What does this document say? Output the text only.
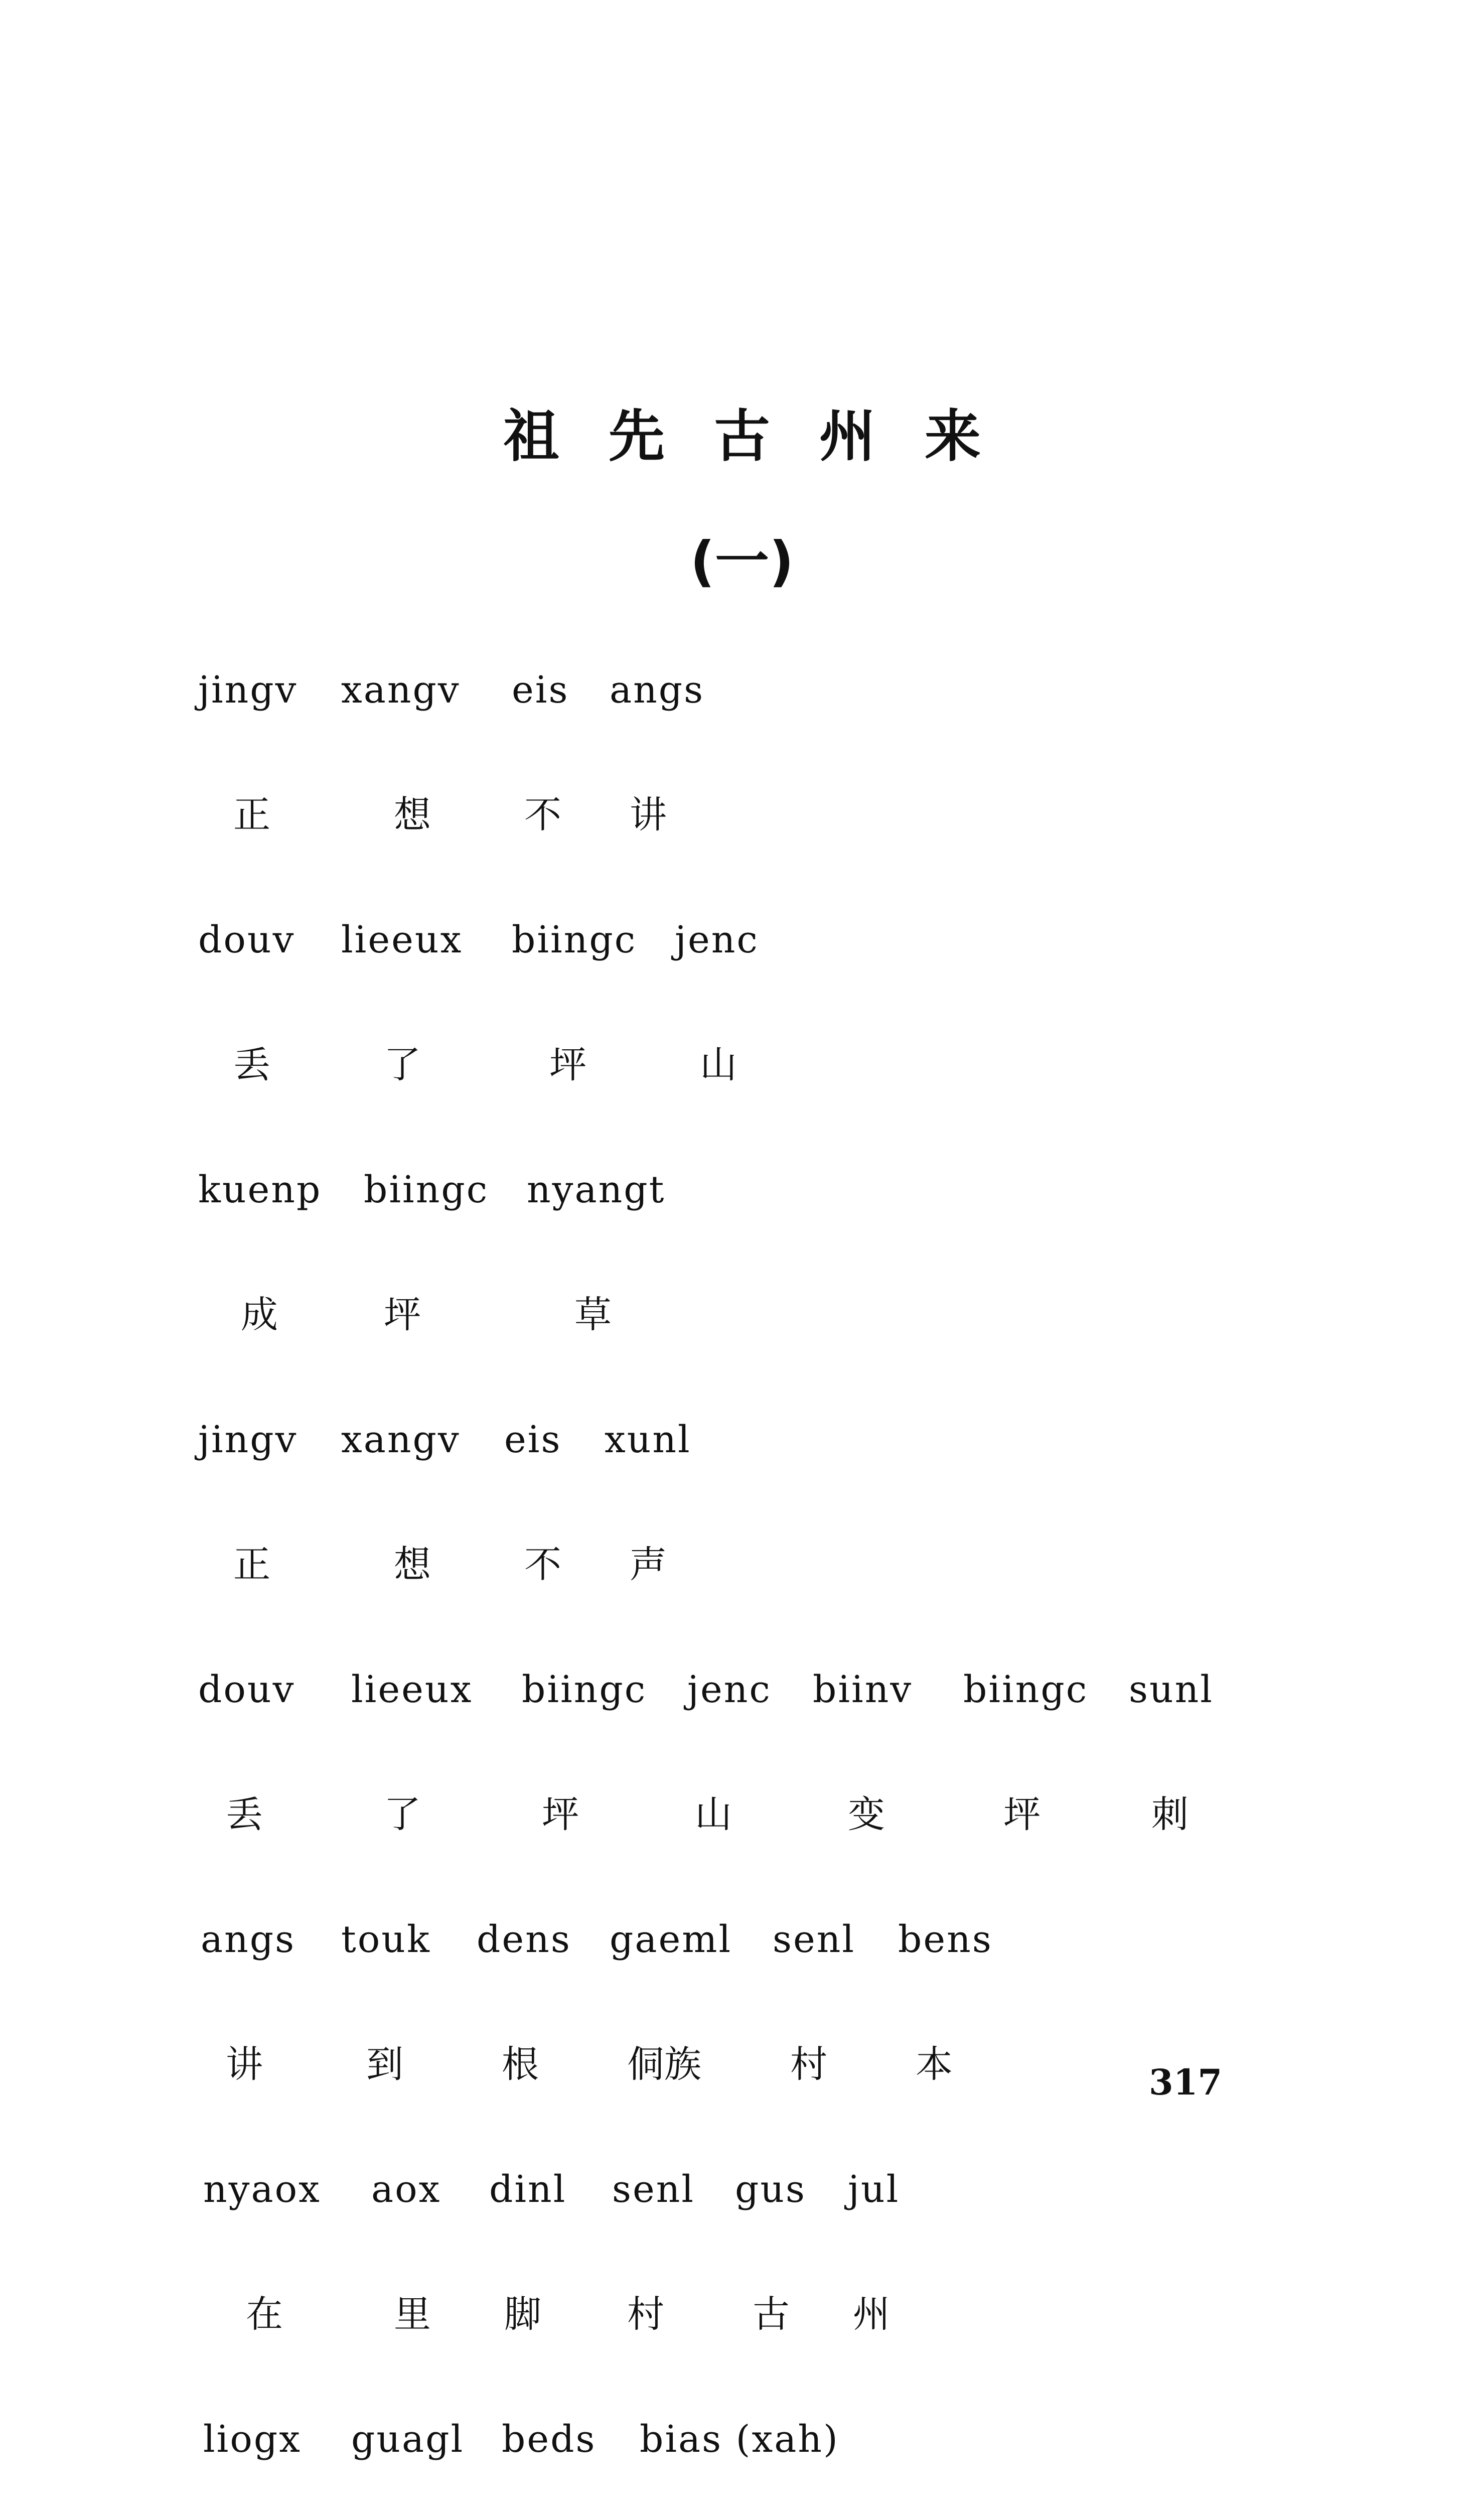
祖先古州来
(一)
jingv xangv eis angs
正	想	不 讲
douv lieeux biingc jenc
丢	了	坪	山
kuenp biingc nyangt
成	坪	草
jingv xangv eis xunl
正	想	不 声
douv lieeux biingc jenc biinv biingc sunl
丢	了	坪	山	变	坪	刺
angs touk dens gaeml senl bens
讲	到	根 侗族 村 本
nyaox aox dinl senl gus jul
在	里 脚 村 古 州
liogx guagl beds bias (xah)
317
